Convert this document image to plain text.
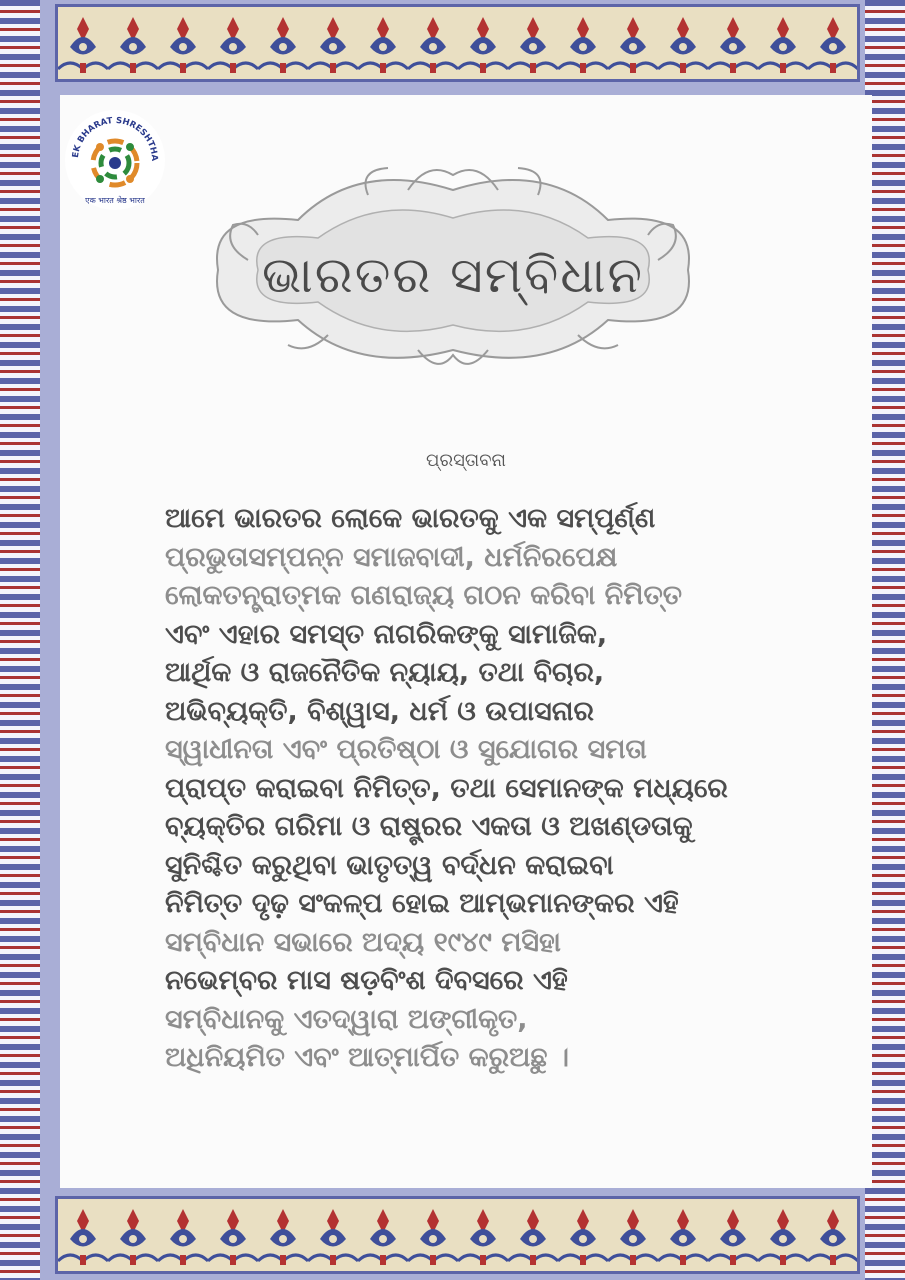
EK BHARAT SHRESHTHA
एक भारत श्रेष्ठ भारत
ଭାରତର ସମ୍ବିଧାନ
ପ୍ରସ୍ତାବନା
ଆମେ ଭାରତର ଲୋକେ ଭାରତକୁ ଏକ ସମ୍ପୂର୍ଣ୍ଣ
ପ୍ରଭୁତାସମ୍ପନ୍ନ ସମାଜବାଦୀ, ଧର୍ମନିରପେକ୍ଷ
ଲୋକତନ୍ତ୍ରାତ୍ମକ ଗଣରାଜ୍ୟ ଗଠନ କରିବା ନିମିତ୍ତ
ଏବଂ ଏହାର ସମସ୍ତ ନାଗରିକଙ୍କୁ ସାମାଜିକ,
ଆର୍ଥିକ ଓ ରାଜନୈତିକ ନ୍ୟାୟ, ତଥା ବିଚାର,
ଅଭିବ୍ୟକ୍ତି, ବିଶ୍ୱାସ, ଧର୍ମ ଓ ଉପାସନାର
ସ୍ୱାଧୀନତା ଏବଂ ପ୍ରତିଷ୍ଠା ଓ ସୁଯୋଗର ସମତା
ପ୍ରାପ୍ତ କରାଇବା ନିମିତ୍ତ, ତଥା ସେମାନଙ୍କ ମଧ୍ୟରେ
ବ୍ୟକ୍ତିର ଗରିମା ଓ ରାଷ୍ଟ୍ରର ଏକତା ଓ ଅଖଣ୍ଡତାକୁ
ସୁନିଶ୍ଚିତ କରୁଥିବା ଭାତୃତ୍ୱ ବର୍ଦ୍ଧନ କରାଇବା
ନିମିତ୍ତ ଦୃଢ଼ ସଂକଳ୍ପ ହୋଇ ଆମ୍ଭମାନଙ୍କର ଏହି
ସମ୍ବିଧାନ ସଭାରେ ଅଦ୍ୟ ୧୯୪୯ ମସିହା
ନଭେମ୍ବର ମାସ ଷଡ଼ବିଂଶ ଦିବସରେ ଏହି
ସମ୍ବିଧାନକୁ ଏତଦ୍ୱାରା ଅଙ୍ଗୀକୃତ,
ଅଧିନିୟମିତ ଏବଂ ଆତ୍ମାର୍ପିତ କରୁଅଛୁ ।
